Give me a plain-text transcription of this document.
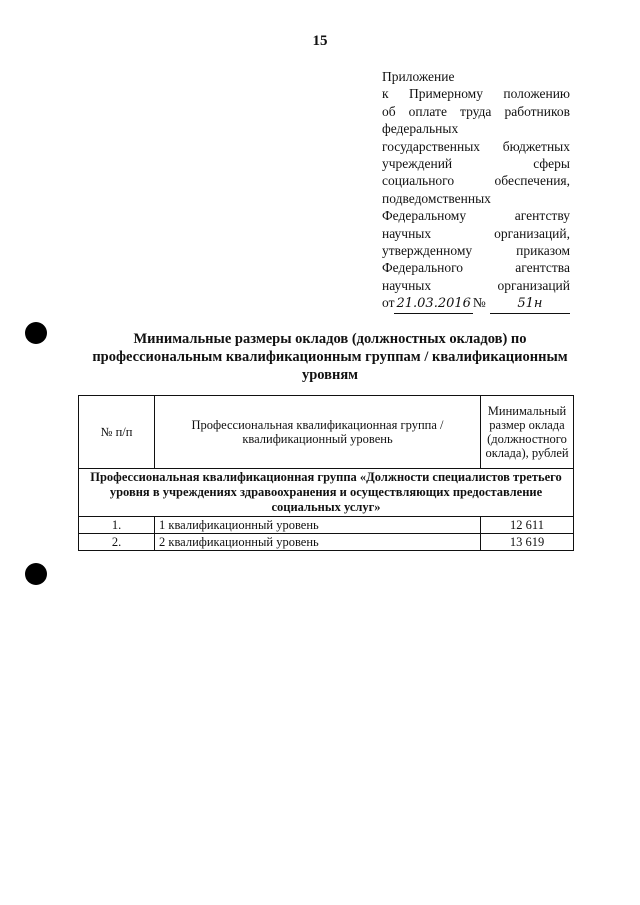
15
Приложение
к Примерному положению
об оплате труда работников
федеральных
государственных бюджетных
учреждений сферы
социального обеспечения,
подведомственных
Федеральному агентству
научных организаций,
утвержденному приказом
Федерального агентства
научных организаций
от 21.03.2016 №	51н
Минимальные размеры окладов (должностных окладов) по профессиональным квалификационным группам / квалификационным уровням
№ п/п	Профессиональная квалификационная группа / квалификационный уровень	Минимальный размер оклада (должностного оклада), рублей
Профессиональная квалификационная группа «Должности специалистов третьего уровня в учреждениях здравоохранения и осуществляющих предоставление социальных услуг»		
1.	1 квалификационный уровень	12 611
2.	2 квалификационный уровень	13 619
